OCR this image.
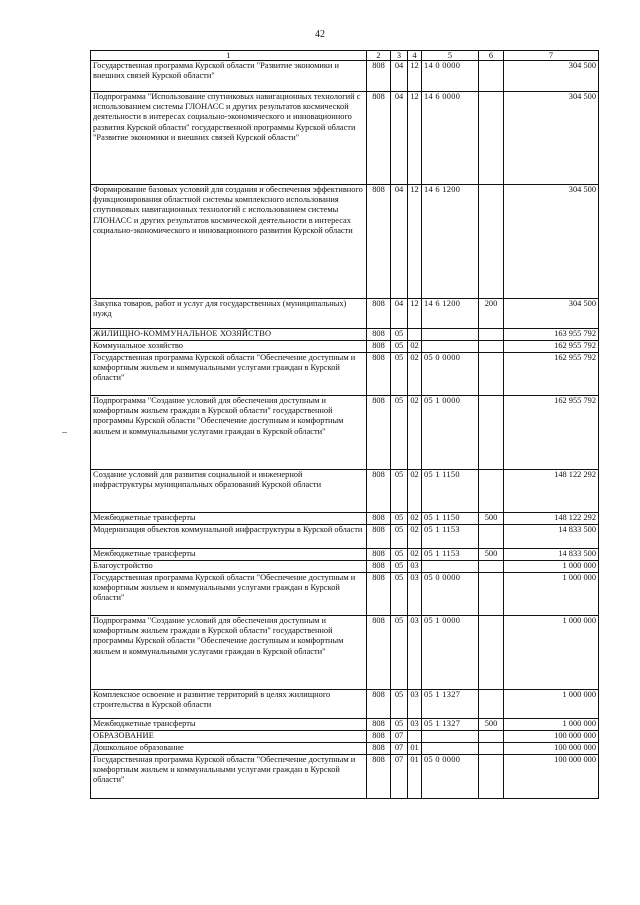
42
1	2	3	4	5	6	7
Государственная программа Курской области "Развитие экономики и внешних связей Курской области"	808	04	12	14 0 0000		304 500
Подпрограмма "Использование спутниковых навигационных технологий с использованием системы ГЛОНАСС и других результатов космической деятельности в интересах социально-экономического и инновационного развития Курской области" государственной программы Курской области "Развитие экономики и внешних связей Курской области"	808	04	12	14 6 0000		304 500
Формирование базовых условий для создания и обеспечения эффективного функционирования областной системы комплексного использования спутниковых навигационных технологий с использованием системы ГЛОНАСС и других результатов космической деятельности в интересах социально-экономического и инновационного развития Курской области	808	04	12	14 6 1200		304 500
Закупка товаров, работ и услуг для государственных (муниципальных) нужд	808	04	12	14 6 1200	200	304 500
ЖИЛИЩНО-КОММУНАЛЬНОЕ ХОЗЯЙСТВО	808	05				163 955 792
Коммунальное хозяйство	808	05	02			162 955 792
Государственная программа Курской области "Обеспечение доступным и комфортным жильем и коммунальными услугами граждан в Курской области"	808	05	02	05 0 0000		162 955 792
Подпрограмма "Создание условий для обеспечения доступным и комфортным жильем граждан в Курской области" государственной программы Курской области "Обеспечение доступным и комфортным жильем и коммунальными услугами граждан в Курской области"	808	05	02	05 1 0000		162 955 792
Создание условий для развития социальной и инженерной инфраструктуры муниципальных образований Курской области	808	05	02	05 1 1150		148 122 292
Межбюджетные трансферты	808	05	02	05 1 1150	500	148 122 292
Модернизация объектов коммунальной инфраструктуры в Курской области	808	05	02	05 1 1153		14 833 500
Межбюджетные трансферты	808	05	02	05 1 1153	500	14 833 500
Благоустройство	808	05	03			1 000 000
Государственная программа Курской области "Обеспечение доступным и комфортным жильем и коммунальными услугами граждан в Курской области"	808	05	03	05 0 0000		1 000 000
Подпрограмма "Создание условий для обеспечения доступным и комфортным жильем граждан в Курской области" государственной программы Курской области "Обеспечение доступным и комфортным жильем и коммунальными услугами граждан в Курской области"	808	05	03	05 1 0000		1 000 000
Комплексное освоение и развитие территорий в целях жилищного строительства в Курской области	808	05	03	05 1 1327		1 000 000
Межбюджетные трансферты	808	05	03	05 1 1327	500	1 000 000
ОБРАЗОВАНИЕ	808	07				100 000 000
Дошкольное образование	808	07	01			100 000 000
Государственная программа Курской области "Обеспечение доступным и комфортным жильем и коммунальными услугами граждан в Курской области"	808	07	01	05 0 0000		100 000 000
